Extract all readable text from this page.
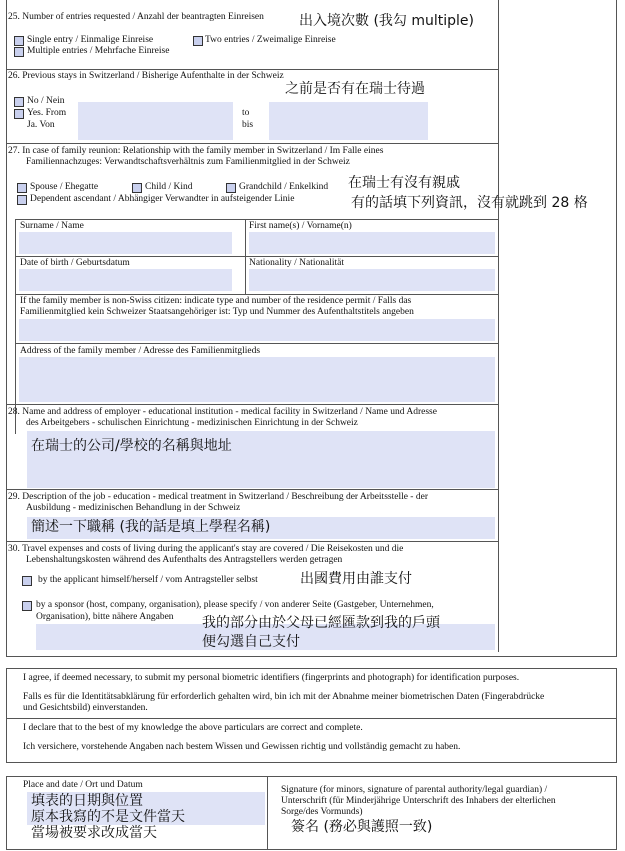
25. Number of entries requested / Anzahl der beantragten Einreisen	出入境次數 (我勾 multiple)
Single entry / Einmalige Einreise	Two entries / Zweimalige Einreise
Multiple entries / Mehrfache Einreise
26. Previous stays in Switzerland / Bisherige Aufenthalte in der Schweiz
之前是否有在瑞士待過
No / Nein
Yes. From
Ja. Von
to
bis
27. In case of family reunion: Relationship with the family member in Switzerland / Im Falle eines
Familiennachzuges: Verwandtschaftsverhältnis zum Familienmitglied in der Schweiz
在瑞士有沒有親戚
有的話填下列資訊，沒有就跳到 28 格
Spouse / Ehegatte	Child / Kind	Grandchild / Enkelkind
Dependent ascendant / Abhängiger Verwandter in aufsteigender Linie
Surname / Name	First name(s) / Vorname(n)
Date of birth / Geburtsdatum	Nationality / Nationalität
If the family member is non-Swiss citizen: indicate type and number of the residence permit / Falls das
Familienmitglied kein Schweizer Staatsangehöriger ist: Typ und Nummer des Aufenthaltstitels angeben
Address of the family member / Adresse des Familienmitglieds
28. Name and address of employer - educational institution - medical facility in Switzerland / Name und Adresse
des Arbeitgebers - schulischen Einrichtung - medizinischen Einrichtung in der Schweiz
在瑞士的公司/學校的名稱與地址
29. Description of the job - education - medical treatment in Switzerland / Beschreibung der Arbeitsstelle - der
Ausbildung - medizinischen Behandlung in der Schweiz
簡述一下職稱 (我的話是填上學程名稱)
30. Travel expenses and costs of living during the applicant's stay are covered / Die Reisekosten und die
Lebenshaltungskosten während des Aufenthalts des Antragstellers werden getragen
by the applicant himself/herself / vom Antragsteller selbst	出國費用由誰支付
by a sponsor (host, company, organisation), please specify / von anderer Seite (Gastgeber, Unternehmen,
Organisation), bitte nähere Angaben 我的部分由於父母已經匯款到我的戶頭
便勾選自己支付
I agree, if deemed necessary, to submit my personal biometric identifiers (fingerprints and photograph) for identification purposes.
Falls es für die Identitätsabklärung für erforderlich gehalten wird, bin ich mit der Abnahme meiner biometrischen Daten (Fingerabdrücke
und Gesichtsbild) einverstanden.
I declare that to the best of my knowledge the above particulars are correct and complete.
Ich versichere, vorstehende Angaben nach bestem Wissen und Gewissen richtig und vollständig gemacht zu haben.
Place and date / Ort und Datum
填表的日期與位置
原本我寫的不是文件當天
當場被要求改成當天
Signature (for minors, signature of parental authority/legal guardian) /
Unterschrift (für Minderjährige Unterschrift des Inhabers der elterlichen
Sorge/des Vormunds)
簽名 (務必與護照一致)
